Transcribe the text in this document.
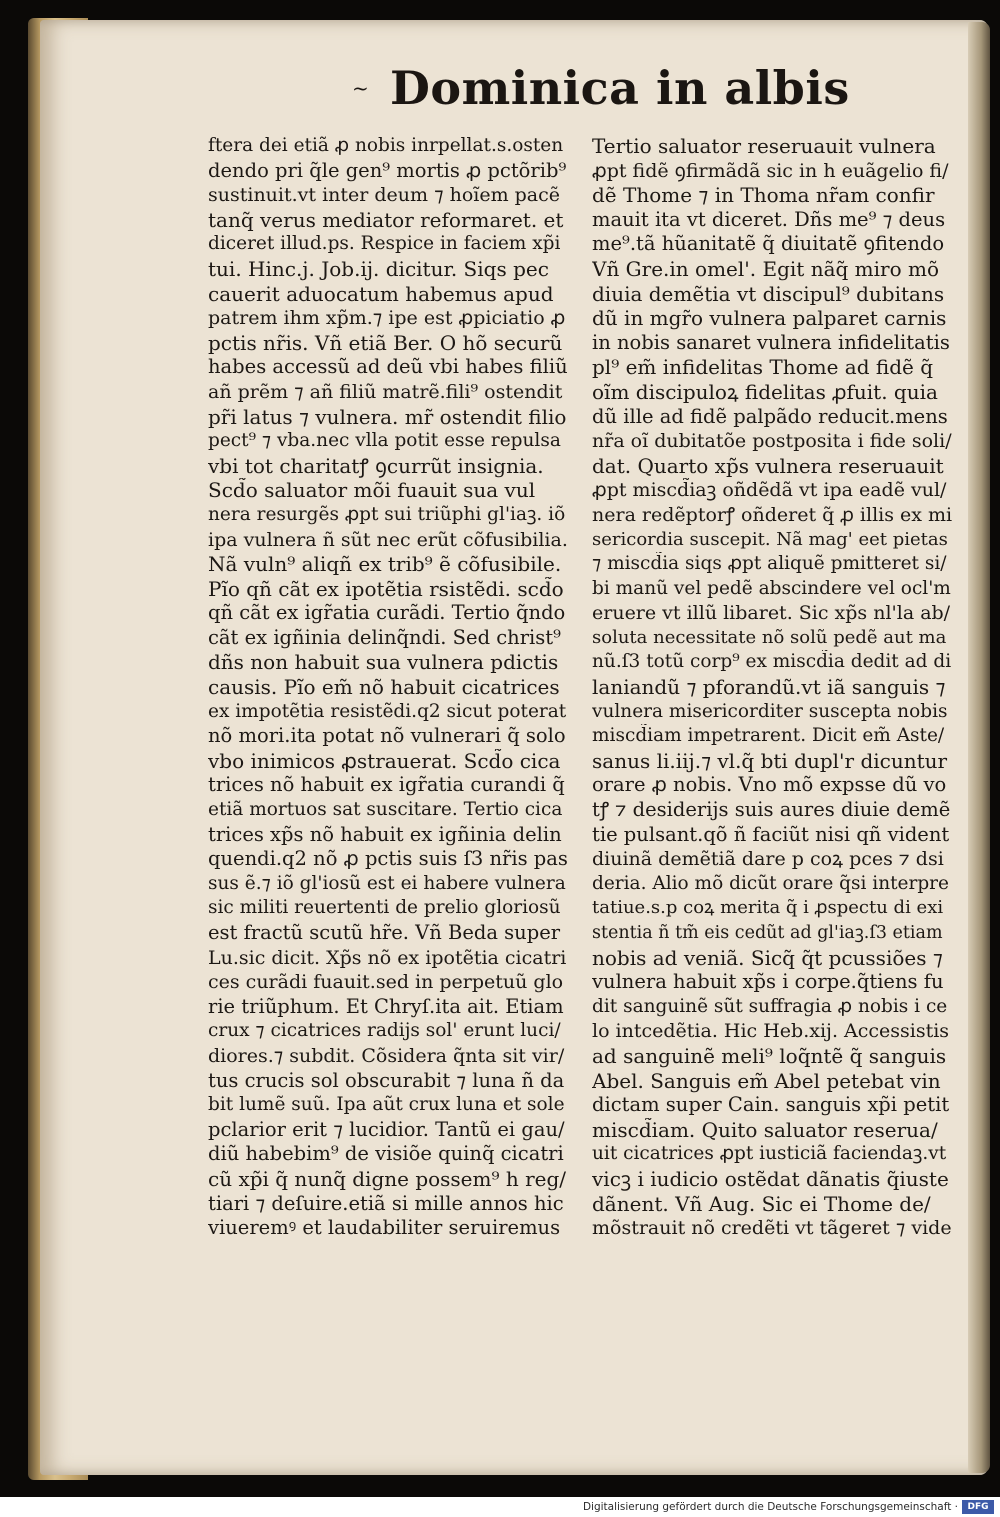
~ Dominica in albis
ftera dei etiã ꝓ nobis inrpellat.s.osten
dendo pri q̃le gen⁹ mortis ꝓ pctõrib⁹
sustinuit.vt inter deum ⁊ hoĩem pacẽ
tanq̃ verus mediator reformaret. et
diceret illud.ps. Respice in faciem xp̃i
tui. Hinc.j. Job.ij. dicitur. Siqs pec
cauerit aduocatum habemus apud
patrem ihm xp̃m.⁊ ipe est ꝓpiciatio ꝓ
pctis nr̃is. Vñ etiã Ber. O hõ securũ
habes accessũ ad deũ vbi habes filiũ
añ prẽm ⁊ añ filiũ matrẽ.fili⁹ ostendit
pr̃i latus ⁊ vulnera. mr̃ ostendit filio
pect⁹ ⁊ vba.nec vlla potit esse repulsa
vbi tot charitatꝭ ꝯcurrũt insignia.
Scd̃o saluator mõi fuauit sua vul
nera resurgẽs ꝓpt sui triũphi gl'iaꝫ. iõ
ipa vulnera ñ sũt nec erũt cõfusibilia.
Nã vuln⁹ aliqñ ex trib⁹ ẽ cõfusibile.
Pĩo qñ cãt ex ipotẽtia rsistẽdi. scd̃o
qñ cãt ex igr̃atia curãdi. Tertio q̃ndo
cãt ex igñinia delinq̃ndi. Sed christ⁹
dñs non habuit sua vulnera pdictis
causis. Pĩo em̃ nõ habuit cicatrices
ex impotẽtia resistẽdi.q2 sicut poterat
nõ mori.ita potat nõ vulnerari q̃ solo
vbo inimicos ꝓstrauerat. Scd̃o cica
trices nõ habuit ex igr̃atia curandi q̃
etiã mortuos sat suscitare. Tertio cica
trices xp̃s nõ habuit ex igñinia delin
quendi.q2 nõ ꝓ pctis suis ſ3 nr̃is pas
sus ẽ.⁊ iõ gl'iosũ est ei habere vulnera
sic militi reuertenti de prelio gloriosũ
est fractũ scutũ hr̃e. Vñ Beda super
Lu.sic dicit. Xp̃s nõ ex ipotẽtia cicatri
ces curãdi fuauit.sed in perpetuũ glo
rie triũphum. Et Chryſ.ita ait. Etiam
crux ⁊ cicatrices radijs sol' erunt luci/
diores.⁊ subdit. Cõsidera q̃nta sit vir/
tus crucis sol obscurabit ⁊ luna ñ da
bit lumẽ suũ. Ipa aũt crux luna et sole
pclarior erit ⁊ lucidior. Tantũ ei gau/
diũ habebim⁹ de visiõe quinq̃ cicatri
cũ xp̃i q̃ nunq̃ digne possem⁹ h reg/
tiari ⁊ deſuire.etiã si mille annos hic
viueremꝰ et laudabiliter seruiremus
Tertio saluator reseruauit vulnera
ꝓpt fidẽ ꝯfirmãdã sic in h euãgelio fi/
dẽ Thome ⁊ in Thoma nr̃am confir
mauit ita vt diceret. Dñs me⁹ ⁊ deus
me⁹.tã hũanitatẽ q̃ diuitatẽ ꝯfitendo
Vñ Gre.in omel'. Egit nãq̃ miro mõ
diuia demẽtia vt discipul⁹ dubitans
dũ in mgr̃o vulnera palparet carnis
in nobis sanaret vulnera infidelitatis
pl⁹ em̃ infidelitas Thome ad fidẽ q̃
oĩm discipuloꝝ fidelitas ꝓfuit. quia
dũ ille ad fidẽ palpãdo reducit.mens
nr̃a oĩ dubitatõe postposita i fide soli/
dat. Quarto xp̃s vulnera reseruauit
ꝓpt miscd̃iaꝫ oñdẽdã vt ipa eadẽ vul/
nera redẽptorꝭ oñderet q̃ ꝓ illis ex mi
sericordia suscepit. Nã mag' eet pietas
⁊ miscd̃ia siqs ꝓpt aliquẽ pmitteret si/
bi manũ vel pedẽ abscindere vel ocl'm
eruere vt illũ libaret. Sic xp̃s nl'la ab/
soluta necessitate nõ solũ pedẽ aut ma
nũ.ſ3 totũ corp⁹ ex miscd̃ia dedit ad di
laniandũ ⁊ pforandũ.vt iã sanguis ⁊
vulnera misericorditer suscepta nobis
miscd̃iam impetrarent. Dicit em̃ Aste/
sanus li.iij.⁊ vl.q̃ bti dupl'r dicuntur
orare ꝓ nobis. Vno mõ expsse dũ vo
tꝭ ⁊ desiderijs suis aures diuie demẽ
tie pulsant.qõ ñ faciũt nisi qñ vident
diuinã demẽtiã dare p coꝝ pces ⁊ dsi
deria. Alio mõ dicũt orare q̃si interpre
tatiue.s.p coꝝ merita q̃ i ꝓspectu di exi
stentia ñ tm̃ eis cedũt ad gl'iaꝫ.ſ3 etiam
nobis ad veniã. Sicq̃ q̃t pcussiões ⁊
vulnera habuit xp̃s i corpe.q̃tiens fu
dit sanguinẽ sũt suffragia ꝓ nobis i ce
lo intcedẽtia. Hic Heb.xij. Accessistis
ad sanguinẽ meli⁹ loq̃ntẽ q̃ sanguis
Abel. Sanguis em̃ Abel petebat vin
dictam super Cain. sanguis xp̃i petit
miscd̃iam. Quito saluator reserua/
uit cicatrices ꝓpt iusticiã faciendaꝫ.vt
vicꝫ i iudicio ostẽdat dãnatis q̃iuste
dãnent. Vñ Aug. Sic ei Thome de/
mõstrauit nõ credẽti vt tãgeret ⁊ vide
Digitalisierung gefördert durch die Deutsche Forschungsgemeinschaft ·	DFG
